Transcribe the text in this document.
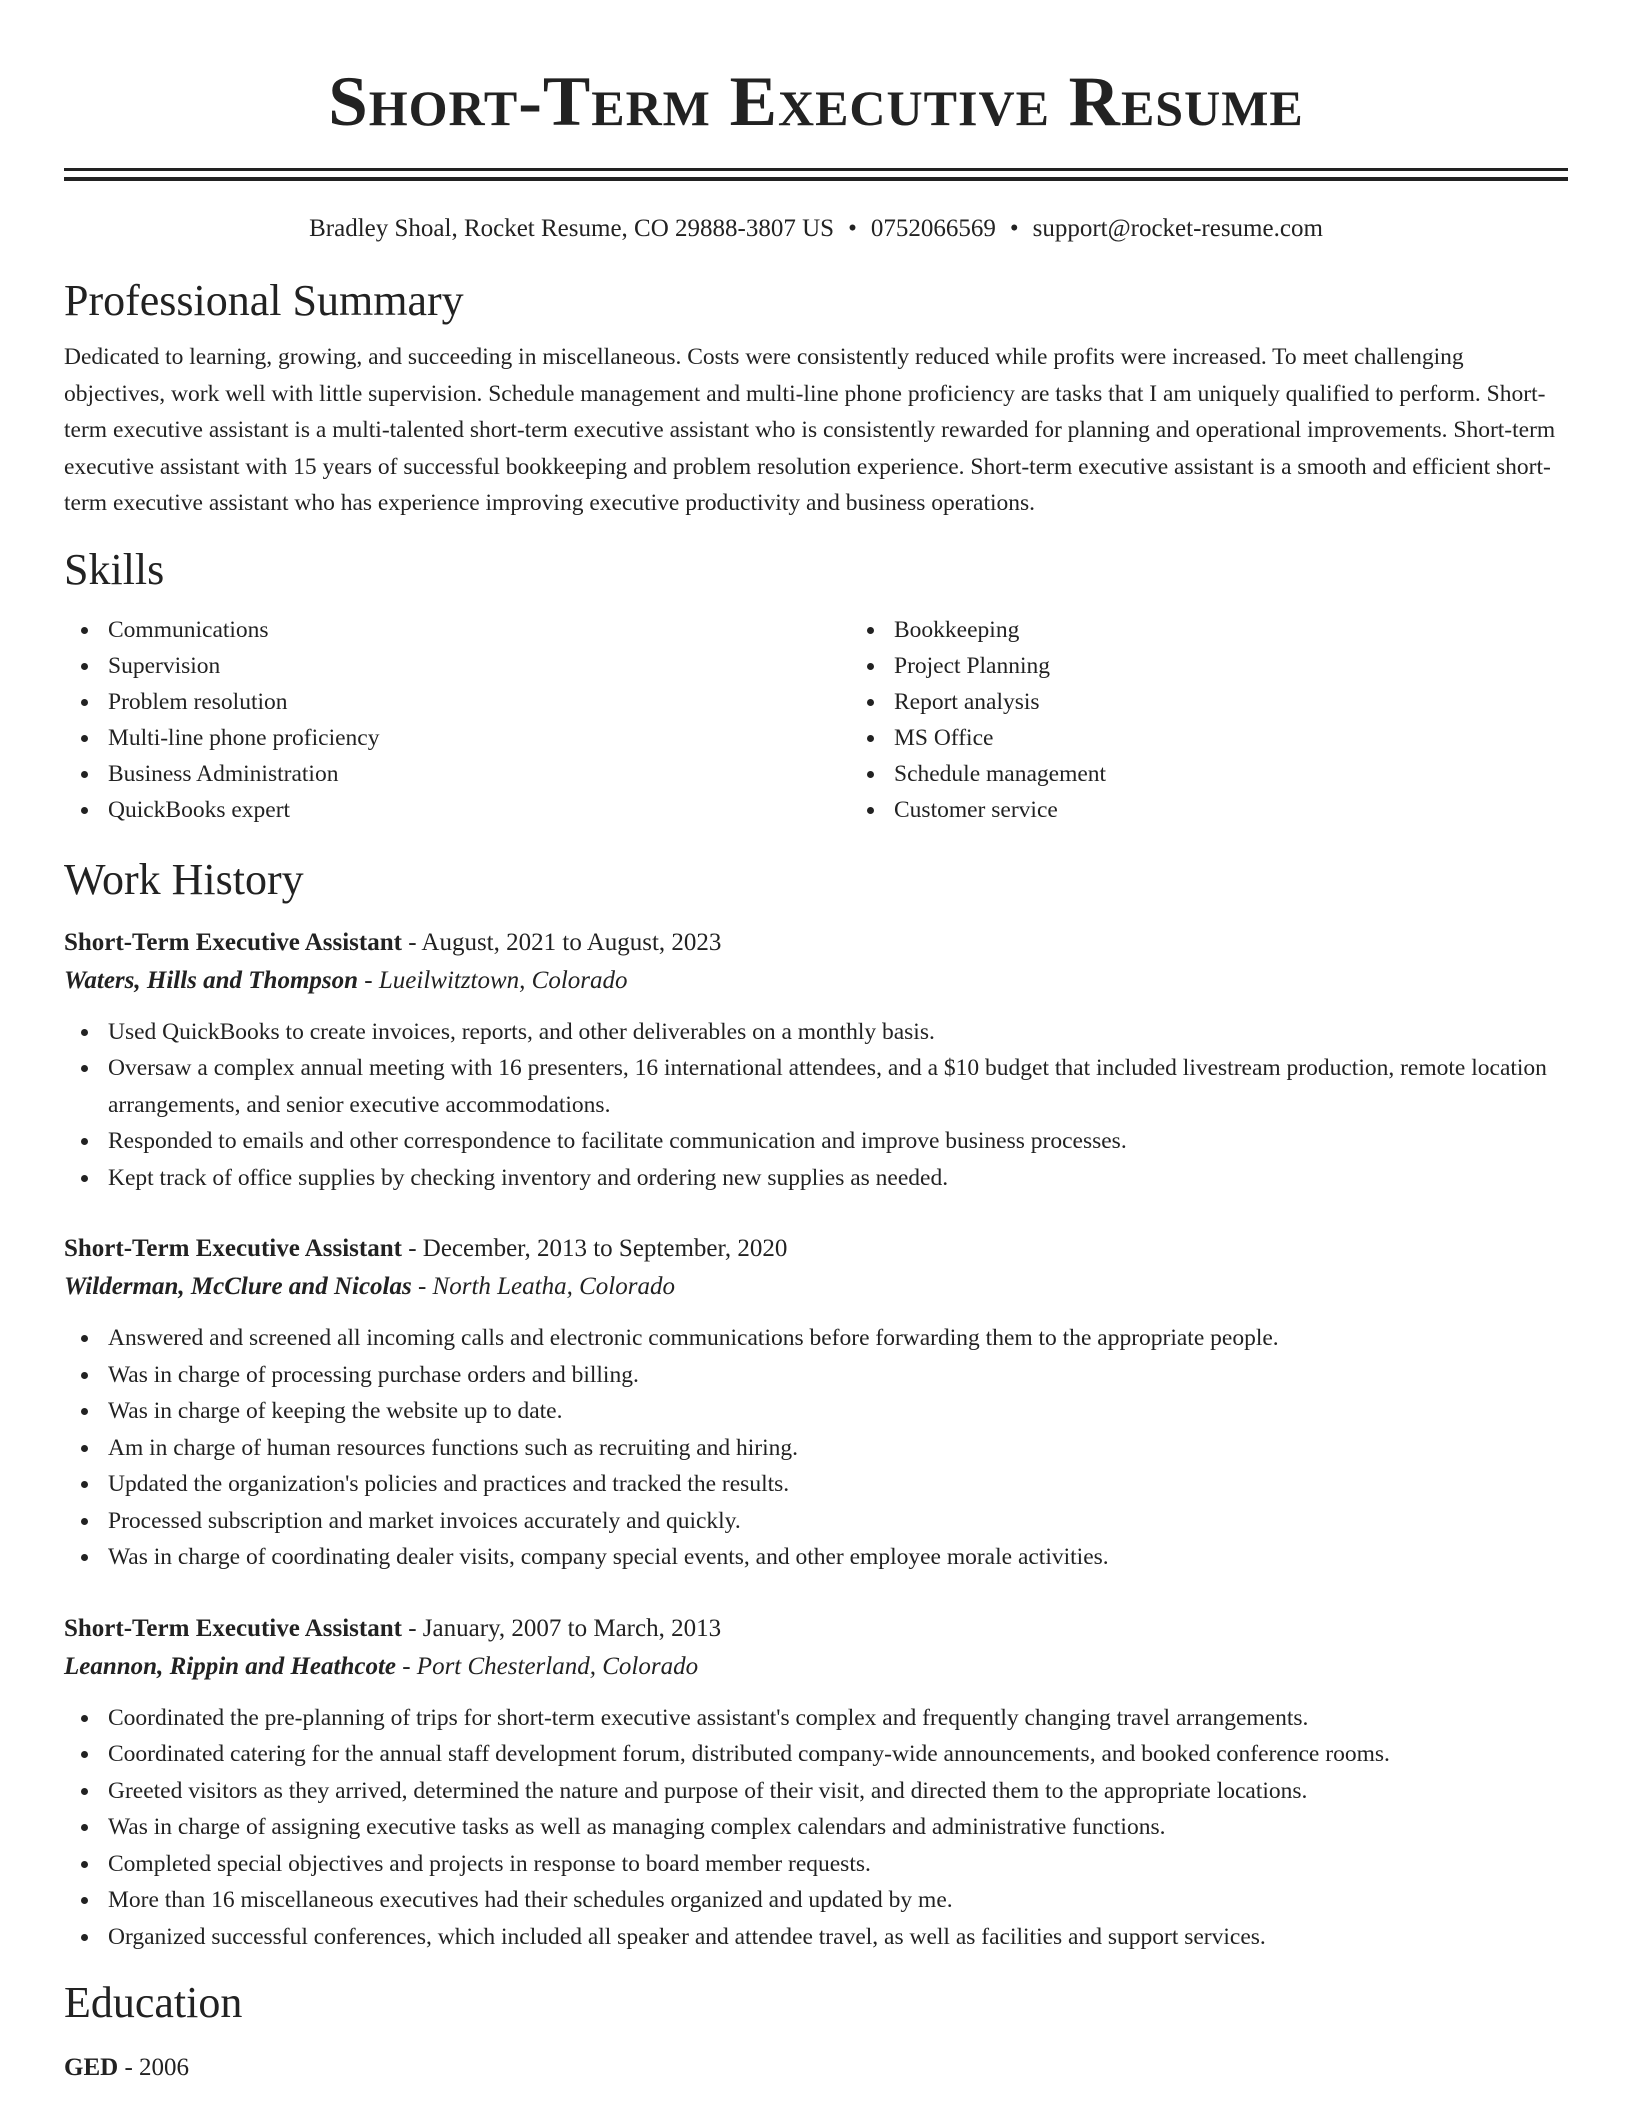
Short-Term Executive Resume
Bradley Shoal, Rocket Resume, CO 29888-3807 US • 0752066569 • support@rocket-resume.com
Professional Summary
Dedicated to learning, growing, and succeeding in miscellaneous. Costs were consistently reduced while profits were increased. To meet challenging objectives, work well with little supervision. Schedule management and multi-line phone proficiency are tasks that I am uniquely qualified to perform. Short-term executive assistant is a multi-talented short-term executive assistant who is consistently rewarded for planning and operational improvements. Short-term executive assistant with 15 years of successful bookkeeping and problem resolution experience. Short-term executive assistant is a smooth and efficient short-term executive assistant who has experience improving executive productivity and business operations.
Skills
Communications
Supervision
Problem resolution
Multi-line phone proficiency
Business Administration
QuickBooks expert
Bookkeeping
Project Planning
Report analysis
MS Office
Schedule management
Customer service
Work History
Short-Term Executive Assistant - August, 2021 to August, 2023
Waters, Hills and Thompson - Lueilwitztown, Colorado
Used QuickBooks to create invoices, reports, and other deliverables on a monthly basis.
Oversaw a complex annual meeting with 16 presenters, 16 international attendees, and a $10 budget that included livestream production, remote location arrangements, and senior executive accommodations.
Responded to emails and other correspondence to facilitate communication and improve business processes.
Kept track of office supplies by checking inventory and ordering new supplies as needed.
Short-Term Executive Assistant - December, 2013 to September, 2020
Wilderman, McClure and Nicolas - North Leatha, Colorado
Answered and screened all incoming calls and electronic communications before forwarding them to the appropriate people.
Was in charge of processing purchase orders and billing.
Was in charge of keeping the website up to date.
Am in charge of human resources functions such as recruiting and hiring.
Updated the organization's policies and practices and tracked the results.
Processed subscription and market invoices accurately and quickly.
Was in charge of coordinating dealer visits, company special events, and other employee morale activities.
Short-Term Executive Assistant - January, 2007 to March, 2013
Leannon, Rippin and Heathcote - Port Chesterland, Colorado
Coordinated the pre-planning of trips for short-term executive assistant's complex and frequently changing travel arrangements.
Coordinated catering for the annual staff development forum, distributed company-wide announcements, and booked conference rooms.
Greeted visitors as they arrived, determined the nature and purpose of their visit, and directed them to the appropriate locations.
Was in charge of assigning executive tasks as well as managing complex calendars and administrative functions.
Completed special objectives and projects in response to board member requests.
More than 16 miscellaneous executives had their schedules organized and updated by me.
Organized successful conferences, which included all speaker and attendee travel, as well as facilities and support services.
Education
GED - 2006
